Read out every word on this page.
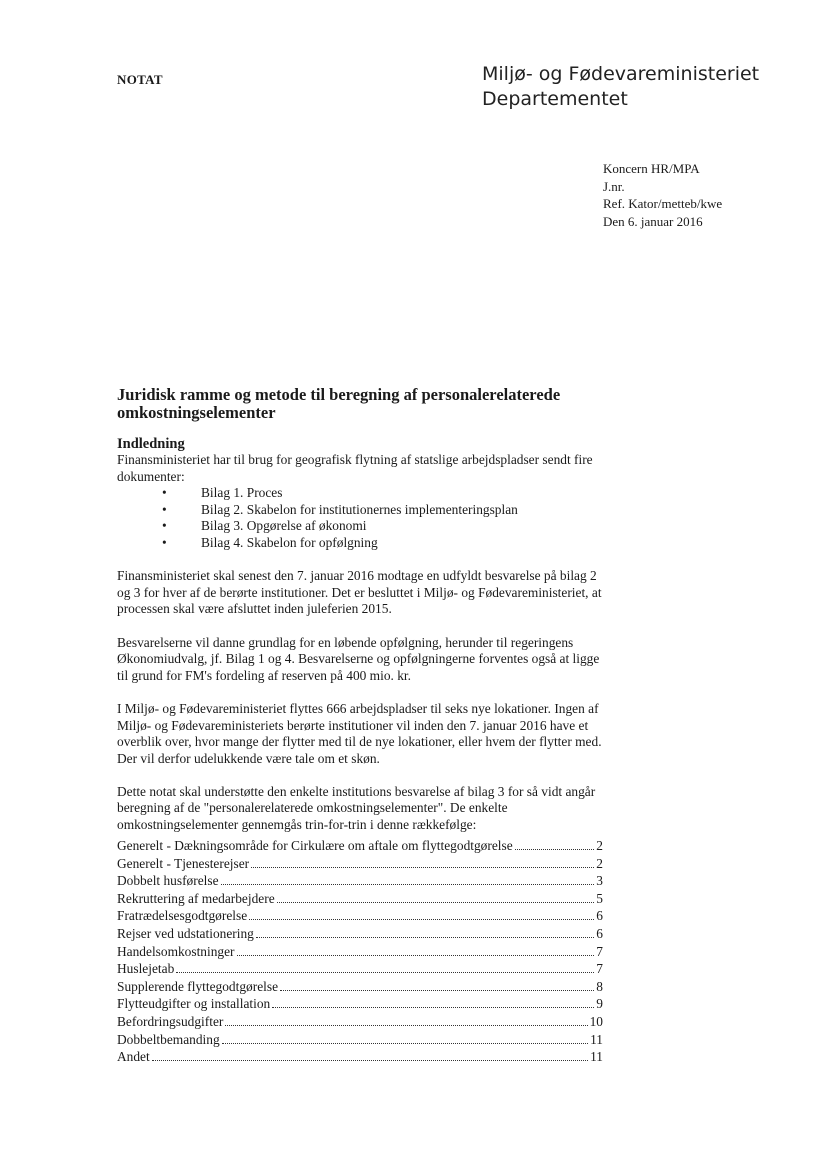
NOTAT	Miljø- og Fødevareministeriet
Departementet
Koncern HR/MPA
J.nr.
Ref. Kator/metteb/kwe
Den 6. januar 2016
Juridisk ramme og metode til beregning af personalerelaterede omkostningselementer
Indledning

Finansministeriet har til brug for geografisk flytning af statslige arbejdspladser sendt fire dokumenter:

•	Bilag 1. Proces
•	Bilag 2. Skabelon for institutionernes implementeringsplan
•	Bilag 3. Opgørelse af økonomi
•	Bilag 4. Skabelon for opfølgning

Finansministeriet skal senest den 7. januar 2016 modtage en udfyldt besvarelse på bilag 2 og 3 for hver af de berørte institutioner. Det er besluttet i Miljø- og Fødevareministeriet, at processen skal være afsluttet inden juleferien 2015.

Besvarelserne vil danne grundlag for en løbende opfølgning, herunder til regeringens Økonomiudvalg, jf. Bilag 1 og 4. Besvarelserne og opfølgningerne forventes også at ligge til grund for FM's fordeling af reserven på 400 mio. kr.

I Miljø- og Fødevareministeriet flyttes 666 arbejdspladser til seks nye lokationer. Ingen af Miljø- og Fødevareministeriets berørte institutioner vil inden den 7. januar 2016 have et overblik over, hvor mange der flytter med til de nye lokationer, eller hvem der flytter med. Der vil derfor udelukkende være tale om et skøn.

Dette notat skal understøtte den enkelte institutions besvarelse af bilag 3 for så vidt angår beregning af de "personalerelaterede omkostningselementer". De enkelte omkostningselementer gennemgås trin-for-trin i denne rækkefølge:

Generelt - Dækningsområde for Cirkulære om aftale om flyttegodtgørelse	2
Generelt - Tjenesterejser	2
Dobbelt husførelse	3
Rekruttering af medarbejdere	5
Fratrædelsesgodtgørelse	6
Rejser ved udstationering	6
Handelsomkostninger	7
Huslejetab	7
Supplerende flyttegodtgørelse	8
Flytteudgifter og installation	9
Befordringsudgifter	10
Dobbeltbemanding	11
Andet	11
